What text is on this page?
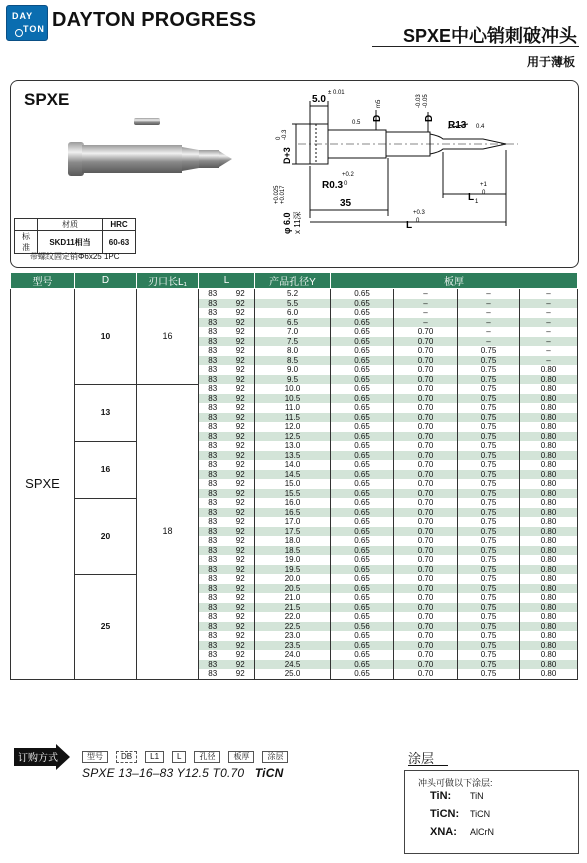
DAY
TON DAYTON PROGRESS
SPXE中心销刺破冲头
用于薄板
SPXE	5.0
± 0.01
D
m5
D
-0.03 -0.05
R13
0.5
0.4
D+3
0 -0.3
R0.3
+0.2
0
35
L 1
+1
0
L
+0.3
0
φ 6.0
+0.025 +0.017
x 11深
	材质	HRC
标准	SKD11相当	60-63
带螺纹固定销Φ6x25 1PC
型号	D	刃口长L₁	L		产品孔径Y	板厚			
SPXE	10	16	83	92	5.2	0.65	–	–	–
			83	92	5.5	0.65	–	–	–
			83	92	6.0	0.65	–	–	–
			83	92	6.5	0.65	–	–	–
			83	92	7.0	0.65	0.70	–	–
			83	92	7.5	0.65	0.70	–	–
			83	92	8.0	0.65	0.70	0.75	–
			83	92	8.5	0.65	0.70	0.75	–
			83	92	9.0	0.65	0.70	0.75	0.80
			83	92	9.5	0.65	0.70	0.75	0.80
	13	18	83	92	10.0	0.65	0.70	0.75	0.80
			83	92	10.5	0.65	0.70	0.75	0.80
			83	92	11.0	0.65	0.70	0.75	0.80
			83	92	11.5	0.65	0.70	0.75	0.80
			83	92	12.0	0.65	0.70	0.75	0.80
			83	92	12.5	0.65	0.70	0.75	0.80
	16		83	92	13.0	0.65	0.70	0.75	0.80
			83	92	13.5	0.65	0.70	0.75	0.80
			83	92	14.0	0.65	0.70	0.75	0.80
			83	92	14.5	0.65	0.70	0.75	0.80
			83	92	15.0	0.65	0.70	0.75	0.80
			83	92	15.5	0.65	0.70	0.75	0.80
	20		83	92	16.0	0.65	0.70	0.75	0.80
			83	92	16.5	0.65	0.70	0.75	0.80
			83	92	17.0	0.65	0.70	0.75	0.80
			83	92	17.5	0.65	0.70	0.75	0.80
			83	92	18.0	0.65	0.70	0.75	0.80
			83	92	18.5	0.65	0.70	0.75	0.80
			83	92	19.0	0.65	0.70	0.75	0.80
			83	92	19.5	0.65	0.70	0.75	0.80
	25		83	92	20.0	0.65	0.70	0.75	0.80
			83	92	20.5	0.65	0.70	0.75	0.80
			83	92	21.0	0.65	0.70	0.75	0.80
			83	92	21.5	0.65	0.70	0.75	0.80
			83	92	22.0	0.65	0.70	0.75	0.80
			83	92	22.5	0.56	0.70	0.75	0.80
			83	92	23.0	0.65	0.70	0.75	0.80
			83	92	23.5	0.65	0.70	0.75	0.80
			83	92	24.0	0.65	0.70	0.75	0.80
			83	92	24.5	0.65	0.70	0.75	0.80
			83	92	25.0	0.65	0.70	0.75	0.80
订购方式	型号 DB L1 L 孔径 板厚 涂层
SPXE 13–16–83 Y12.5 T0.70 TiCN
涂层
冲头可做以下涂层:
TiN: TiN
TiCN: TiCN
XNA: AlCrN
